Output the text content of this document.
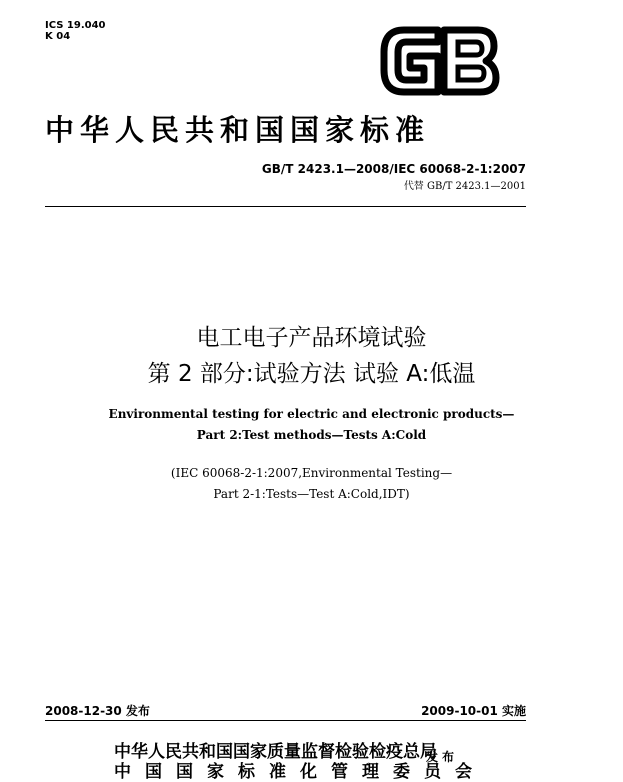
ICS 19.040
K 04
中华人民共和国国家标准
GB/T 2423.1—2008/IEC 60068-2-1:2007
代替 GB/T 2423.1—2001
电工电子产品环境试验
第 2 部分:试验方法 试验 A:低温
Environmental testing for electric and electronic products—
Part 2:Test methods—Tests A:Cold
(IEC 60068-2-1:2007,Environmental Testing—
Part 2-1:Tests—Test A:Cold,IDT)
2008-12-30 发布	2009-10-01 实施
中华人民共和国国家质量监督检验检疫总局
中国国家标准化管理委员会
发布
